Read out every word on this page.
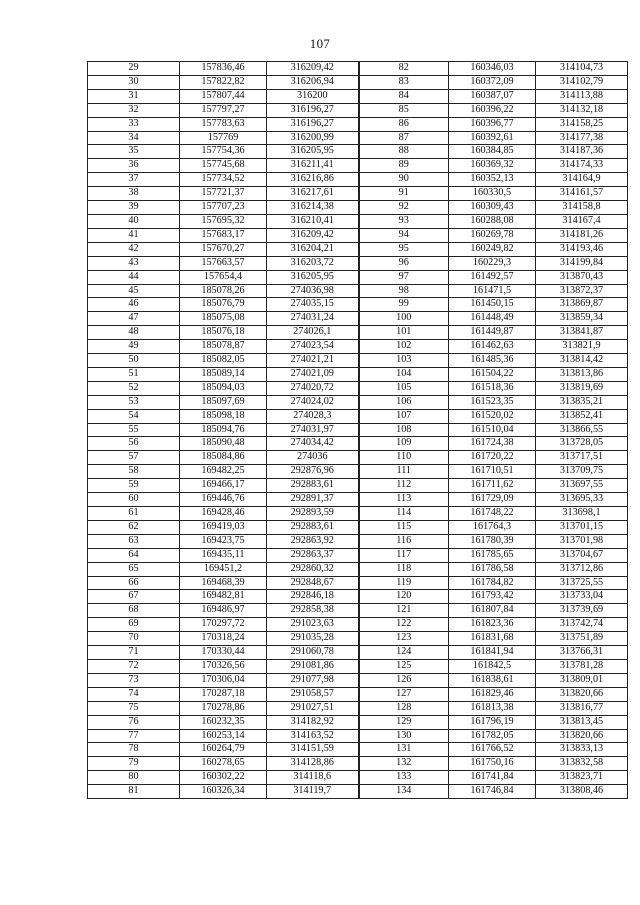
107
29	157836,46	316209,42	82	160346,03	314104,73
30	157822,82	316206,94	83	160372,09	314102,79
31	157807,44	316200	84	160387,07	314113,88
32	157797,27	316196,27	85	160396,22	314132,18
33	157783,63	316196,27	86	160396,77	314158,25
34	157769	316200,99	87	160392,61	314177,38
35	157754,36	316205,95	88	160384,85	314187,36
36	157745,68	316211,41	89	160369,32	314174,33
37	157734,52	316216,86	90	160352,13	314164,9
38	157721,37	316217,61	91	160330,5	314161,57
39	157707,23	316214,38	92	160309,43	314158,8
40	157695,32	316210,41	93	160288,08	314167,4
41	157683,17	316209,42	94	160269,78	314181,26
42	157670,27	316204,21	95	160249,82	314193,46
43	157663,57	316203,72	96	160229,3	314199,84
44	157654,4	316205,95	97	161492,57	313870,43
45	185078,26	274036,98	98	161471,5	313872,37
46	185076,79	274035,15	99	161450,15	313869,87
47	185075,08	274031,24	100	161448,49	313859,34
48	185076,18	274026,1	101	161449,87	313841,87
49	185078,87	274023,54	102	161462,63	313821,9
50	185082,05	274021,21	103	161485,36	313814,42
51	185089,14	274021,09	104	161504,22	313813,86
52	185094,03	274020,72	105	161518,36	313819,69
53	185097,69	274024,02	106	161523,35	313835,21
54	185098,18	274028,3	107	161520,02	313852,41
55	185094,76	274031,97	108	161510,04	313866,55
56	185090,48	274034,42	109	161724,38	313728,05
57	185084,86	274036	110	161720,22	313717,51
58	169482,25	292876,96	111	161710,51	313709,75
59	169466,17	292883,61	112	161711,62	313697,55
60	169446,76	292891,37	113	161729,09	313695,33
61	169428,46	292893,59	114	161748,22	313698,1
62	169419,03	292883,61	115	161764,3	313701,15
63	169423,75	292863,92	116	161780,39	313701,98
64	169435,11	292863,37	117	161785,65	313704,67
65	169451,2	292860,32	118	161786,58	313712,86
66	169468,39	292848,67	119	161784,82	313725,55
67	169482,81	292846,18	120	161793,42	313733,04
68	169486,97	292858,38	121	161807,84	313739,69
69	170297,72	291023,63	122	161823,36	313742,74
70	170318,24	291035,28	123	161831,68	313751,89
71	170330,44	291060,78	124	161841,94	313766,31
72	170326,56	291081,86	125	161842,5	313781,28
73	170306,04	291077,98	126	161838,61	313809,01
74	170287,18	291058,57	127	161829,46	313820,66
75	170278,86	291027,51	128	161813,38	313816,77
76	160232,35	314182,92	129	161796,19	313813,45
77	160253,14	314163,52	130	161782,05	313820,66
78	160264,79	314151,59	131	161766,52	313833,13
79	160278,65	314128,86	132	161750,16	313832,58
80	160302,22	314118,6	133	161741,84	313823,71
81	160326,34	314119,7	134	161746,84	313808,46
